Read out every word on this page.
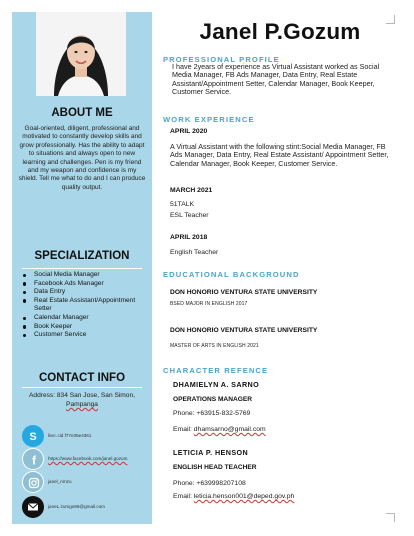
ABOUT ME
Goal-oriented, diligent, professional and motivated to constantly develop skills and grow professionally. Has the ability to adapt to situations and always open to new learning and challenges. Pen is my friend and my weapon and confidence is my shield. Tell me what to do and I can produce quality output.
SPECIALIZATION
Social Media Manager
Facebook Ads Manager
Data Entry
Real Estate Assistant/Appointment Setter
Calendar Manager
Book Keeper
Customer Service
CONTACT INFO
Address: 834 San Jose, San Simon, Pampanga
S live:.cid.f77e35e4361
f	https://www.facebook.com/janel.gozum
janel_nmzu
janeL.zumgo96@gmail.com
Janel P.Gozum
PROFESSIONAL PROFILE
I have 2years of experience as Virtual Assistant worked as Social Media Manager, FB Ads Manager, Data Entry, Real Estate Assistant/Appointment Setter, Calendar Manager, Book Keeper, Customer Service.
WORK EXPERIENCE
APRIL 2020
A Virtual Assistant with the following stint:Social Media Manager, FB Ads Manager, Data Entry, Real Estate Assistant/ Appointment Setter, Calendar Manager, Book Keeper, Customer Service.
MARCH 2021
51TALK
ESL Teacher
APRIL 2018
English Teacher
EDUCATIONAL BACKGROUND
DON HONORIO VENTURA STATE UNIVERSITY
BSED MAJOR IN ENGLISH 2017
DON HONORIO VENTURA STATE UNIVERSITY
MASTER OF ARTS IN ENGLISH 2021
CHARACTER REFENCE
DHAMIELYN A. SARNO
OPERATIONS MANAGER
Phone: +63915-832-5769
Email: dhamsarno@gmail.com
LETICIA P. HENSON
ENGLISH HEAD TEACHER
Phone: +639998207108
Email: leticia.henson001@deped.gov.ph
